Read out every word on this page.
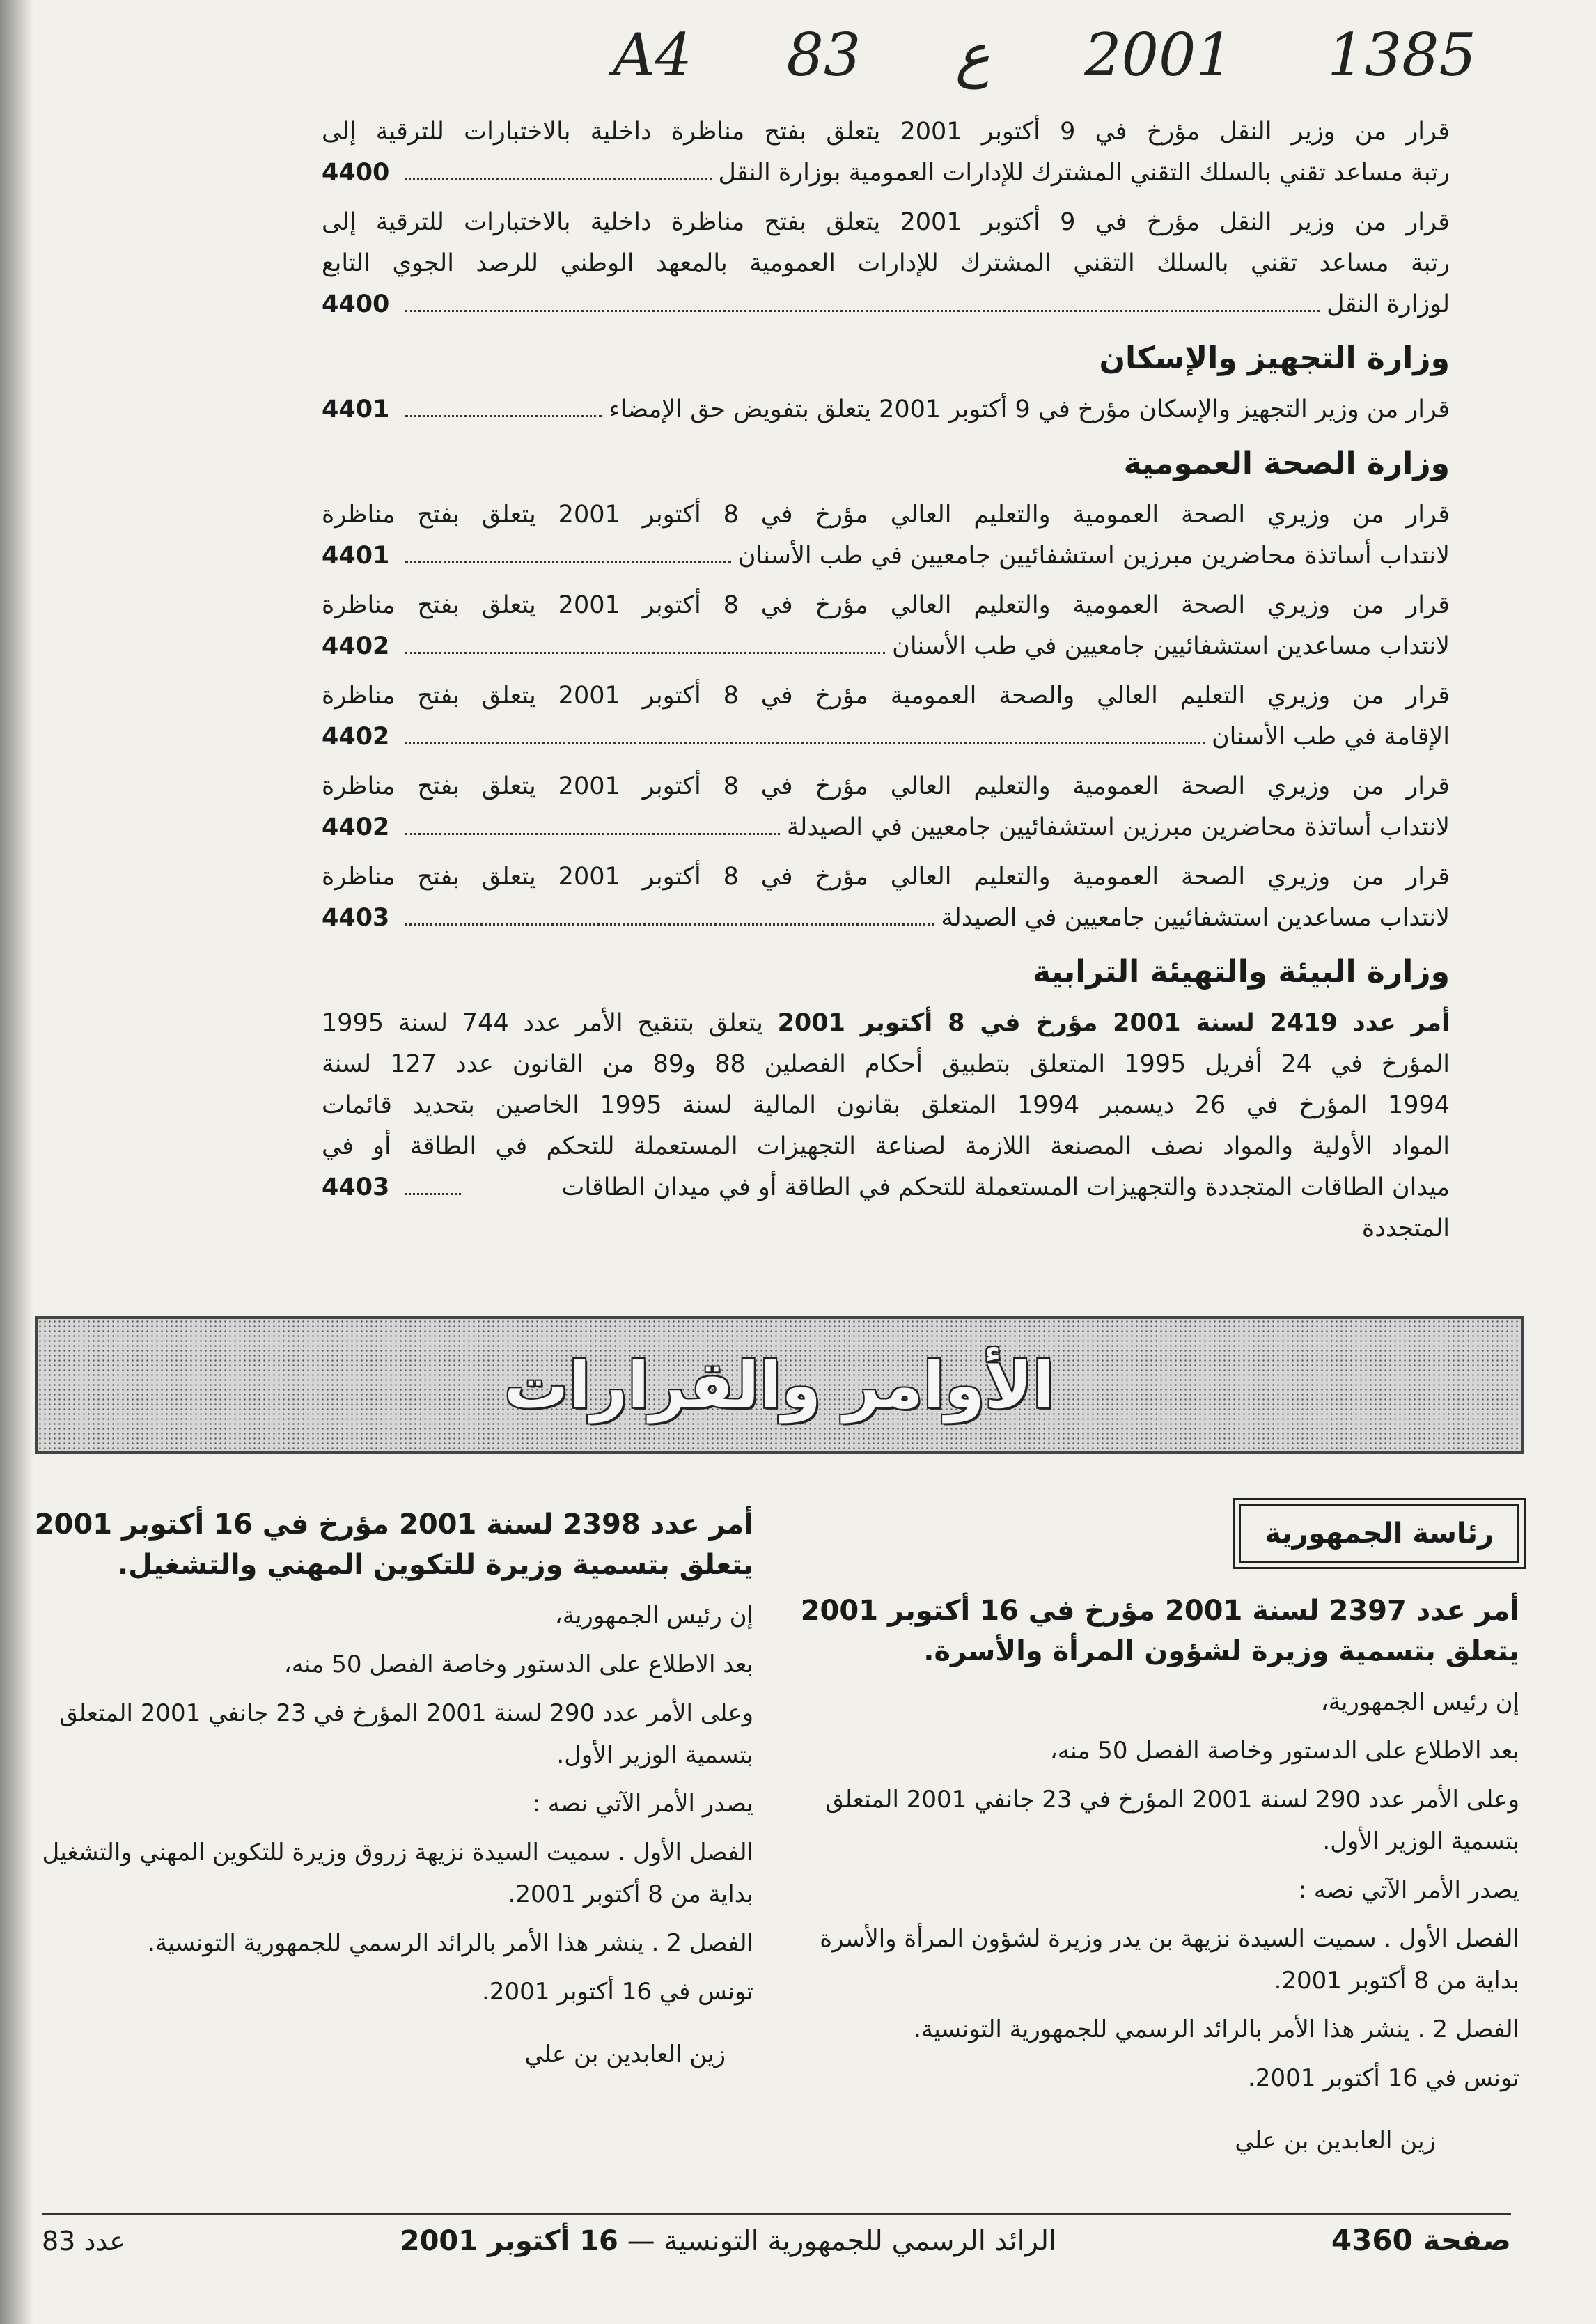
A4 83 ع 2001 1385
قرار من وزير النقل مؤرخ في 9 أكتوبر 2001 يتعلق بفتح مناظرة داخلية بالاختبارات للترقية إلى
رتبة مساعد تقني بالسلك التقني المشترك للإدارات العمومية بوزارة النقل
4400
قرار من وزير النقل مؤرخ في 9 أكتوبر 2001 يتعلق بفتح مناظرة داخلية بالاختبارات للترقية إلى
رتبة مساعد تقني بالسلك التقني المشترك للإدارات العمومية بالمعهد الوطني للرصد الجوي التابع
لوزارة النقل
4400
وزارة التجهيز والإسكان
قرار من وزير التجهيز والإسكان مؤرخ في 9 أكتوبر 2001 يتعلق بتفويض حق الإمضاء
4401
وزارة الصحة العمومية
قرار من وزيري الصحة العمومية والتعليم العالي مؤرخ في 8 أكتوبر 2001 يتعلق بفتح مناظرة
لانتداب أساتذة محاضرين مبرزين استشفائيين جامعيين في طب الأسنان
4401
قرار من وزيري الصحة العمومية والتعليم العالي مؤرخ في 8 أكتوبر 2001 يتعلق بفتح مناظرة
لانتداب مساعدين استشفائيين جامعيين في طب الأسنان
4402
قرار من وزيري التعليم العالي والصحة العمومية مؤرخ في 8 أكتوبر 2001 يتعلق بفتح مناظرة
الإقامة في طب الأسنان
4402
قرار من وزيري الصحة العمومية والتعليم العالي مؤرخ في 8 أكتوبر 2001 يتعلق بفتح مناظرة
لانتداب أساتذة محاضرين مبرزين استشفائيين جامعيين في الصيدلة
4402
قرار من وزيري الصحة العمومية والتعليم العالي مؤرخ في 8 أكتوبر 2001 يتعلق بفتح مناظرة
لانتداب مساعدين استشفائيين جامعيين في الصيدلة
4403
وزارة البيئة والتهيئة الترابية
أمر عدد 2419 لسنة 2001 مؤرخ في 8 أكتوبر 2001 يتعلق بتنقيح الأمر عدد 744 لسنة 1995
المؤرخ في 24 أفريل 1995 المتعلق بتطبيق أحكام الفصلين 88 و89 من القانون عدد 127 لسنة
1994 المؤرخ في 26 ديسمبر 1994 المتعلق بقانون المالية لسنة 1995 الخاصين بتحديد قائمات
المواد الأولية والمواد نصف المصنعة اللازمة لصناعة التجهيزات المستعملة للتحكم في الطاقة أو في
ميدان الطاقات المتجددة والتجهيزات المستعملة للتحكم في الطاقة أو في ميدان الطاقات المتجددة
4403
الأوامر والقرارات
رئاسة الجمهورية
أمر عدد 2397 لسنة 2001 مؤرخ في 16 أكتوبر 2001 يتعلق بتسمية وزيرة لشؤون المرأة والأسرة.

إن رئيس الجمهورية،

بعد الاطلاع على الدستور وخاصة الفصل 50 منه،

وعلى الأمر عدد 290 لسنة 2001 المؤرخ في 23 جانفي 2001 المتعلق بتسمية الوزير الأول.

يصدر الأمر الآتي نصه :

الفصل الأول . سميت السيدة نزيهة بن يدر وزيرة لشؤون المرأة والأسرة بداية من 8 أكتوبر 2001.

الفصل 2 . ينشر هذا الأمر بالرائد الرسمي للجمهورية التونسية.

تونس في 16 أكتوبر 2001.

زين العابدين بن علي
أمر عدد 2398 لسنة 2001 مؤرخ في 16 أكتوبر 2001 يتعلق بتسمية وزيرة للتكوين المهني والتشغيل.

إن رئيس الجمهورية،

بعد الاطلاع على الدستور وخاصة الفصل 50 منه،

وعلى الأمر عدد 290 لسنة 2001 المؤرخ في 23 جانفي 2001 المتعلق بتسمية الوزير الأول.

يصدر الأمر الآتي نصه :

الفصل الأول . سميت السيدة نزيهة زروق وزيرة للتكوين المهني والتشغيل بداية من 8 أكتوبر 2001.

الفصل 2 . ينشر هذا الأمر بالرائد الرسمي للجمهورية التونسية.

تونس في 16 أكتوبر 2001.

زين العابدين بن علي
صفحة 4360
الرائد الرسمي للجمهورية التونسية — 16 أكتوبر 2001
عدد 83
